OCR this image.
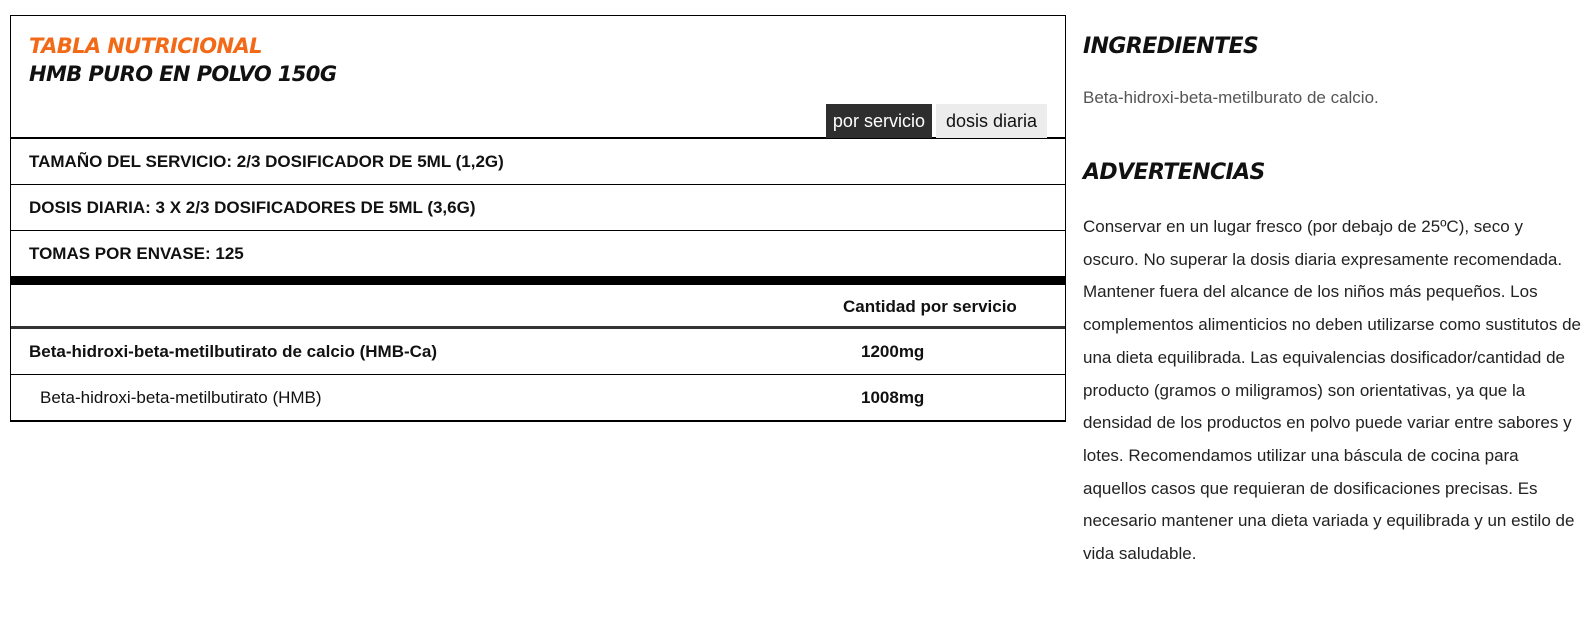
TABLA NUTRICIONAL
HMB PURO EN POLVO 150G
por servicio	dosis diaria
TAMAÑO DEL SERVICIO: 2/3 DOSIFICADOR DE 5ML (1,2G)
DOSIS DIARIA: 3 X 2/3 DOSIFICADORES DE 5ML (3,6G)
TOMAS POR ENVASE: 125
Cantidad por servicio
Beta-hidroxi-beta-metilbutirato de calcio (HMB-Ca)	1200mg
Beta-hidroxi-beta-metilbutirato (HMB)	1008mg
INGREDIENTES
Beta-hidroxi-beta-metilburato de calcio.
ADVERTENCIAS

Conservar en un lugar fresco (por debajo de 25ºC), seco y oscuro. No superar la dosis diaria expresamente recomendada. Mantener fuera del alcance de los niños más pequeños. Los complementos alimenticios no deben utilizarse como sustitutos de una dieta equilibrada. Las equivalencias dosificador/cantidad de producto (gramos o miligramos) son orientativas, ya que la densidad de los productos en polvo puede variar entre sabores y lotes. Recomendamos utilizar una báscula de cocina para aquellos casos que requieran de dosificaciones precisas. Es necesario mantener una dieta variada y equilibrada y un estilo de vida saludable.
